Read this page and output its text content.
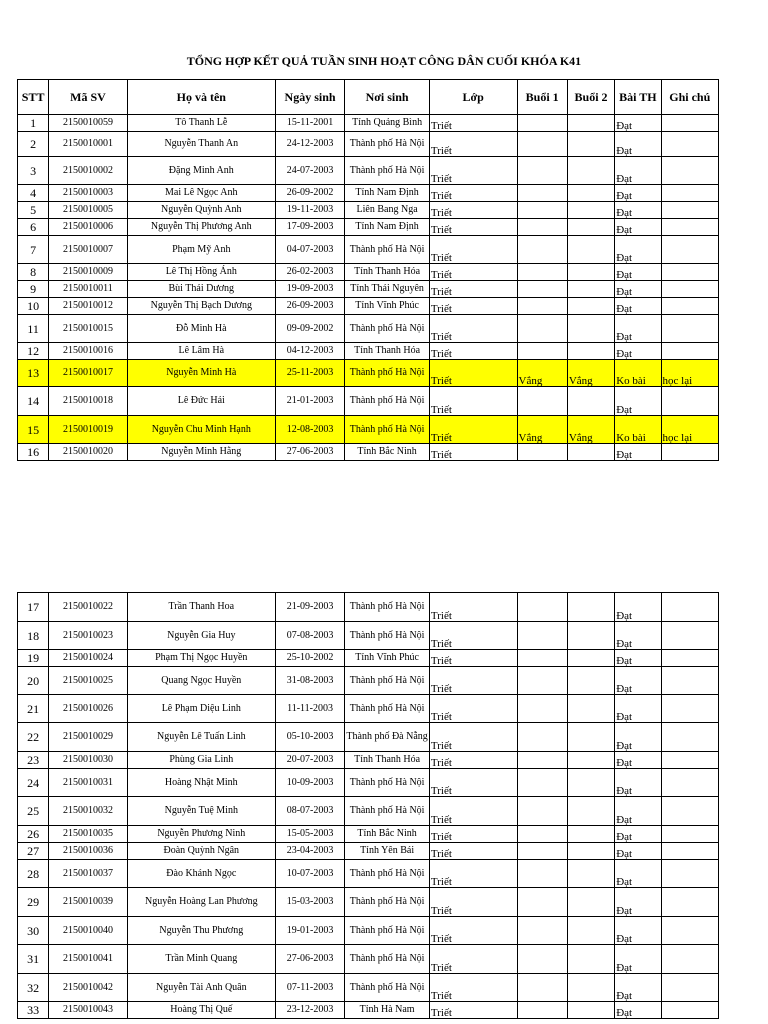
TỔNG HỢP KẾT QUẢ TUẦN SINH HOẠT CÔNG DÂN CUỐI KHÓA K41
STT	Mã SV	Họ và tên	Ngày sinh	Nơi sinh	Lớp	Buổi 1	Buổi 2	Bài TH	Ghi chú
1	2150010059	Tô Thanh Lễ	15-11-2001	Tỉnh Quảng Bình	Triết			Đạt	
2	2150010001	Nguyễn Thanh An	24-12-2003	Thành phố Hà Nội	Triết			Đạt	
3	2150010002	Đặng Minh Anh	24-07-2003	Thành phố Hà Nội	Triết			Đạt	
4	2150010003	Mai Lê Ngọc Anh	26-09-2002	Tỉnh Nam Định	Triết			Đạt	
5	2150010005	Nguyễn Quỳnh Anh	19-11-2003	Liên Bang Nga	Triết			Đạt	
6	2150010006	Nguyễn Thị Phương Anh	17-09-2003	Tỉnh Nam Định	Triết			Đạt	
7	2150010007	Phạm Mỹ Anh	04-07-2003	Thành phố Hà Nội	Triết			Đạt	
8	2150010009	Lê Thị Hồng Ánh	26-02-2003	Tỉnh Thanh Hóa	Triết			Đạt	
9	2150010011	Bùi Thái Dương	19-09-2003	Tỉnh Thái Nguyên	Triết			Đạt	
10	2150010012	Nguyễn Thị Bạch Dương	26-09-2003	Tỉnh Vĩnh Phúc	Triết			Đạt	
11	2150010015	Đỗ Minh Hà	09-09-2002	Thành phố Hà Nội	Triết			Đạt	
12	2150010016	Lê Lâm Hà	04-12-2003	Tỉnh Thanh Hóa	Triết			Đạt	
13	2150010017	Nguyễn Minh Hà	25-11-2003	Thành phố Hà Nội	Triết	Vắng	Vắng	Ko bài	học lại
14	2150010018	Lê Đức Hải	21-01-2003	Thành phố Hà Nội	Triết			Đạt	
15	2150010019	Nguyễn Chu Minh Hạnh	12-08-2003	Thành phố Hà Nội	Triết	Vắng	Vắng	Ko bài	học lại
16	2150010020	Nguyễn Minh Hằng	27-06-2003	Tỉnh Bắc Ninh	Triết			Đạt	
17	2150010022	Trần Thanh Hoa	21-09-2003	Thành phố Hà Nội	Triết			Đạt	
18	2150010023	Nguyễn Gia Huy	07-08-2003	Thành phố Hà Nội	Triết			Đạt	
19	2150010024	Phạm Thị Ngọc Huyền	25-10-2002	Tỉnh Vĩnh Phúc	Triết			Đạt	
20	2150010025	Quang Ngọc Huyền	31-08-2003	Thành phố Hà Nội	Triết			Đạt	
21	2150010026	Lê Phạm Diệu Linh	11-11-2003	Thành phố Hà Nội	Triết			Đạt	
22	2150010029	Nguyễn Lê Tuấn Linh	05-10-2003	Thành phố Đà Nẵng	Triết			Đạt	
23	2150010030	Phùng Gia Linh	20-07-2003	Tỉnh Thanh Hóa	Triết			Đạt	
24	2150010031	Hoàng Nhật Minh	10-09-2003	Thành phố Hà Nội	Triết			Đạt	
25	2150010032	Nguyễn Tuệ Minh	08-07-2003	Thành phố Hà Nội	Triết			Đạt	
26	2150010035	Nguyễn Phương Ninh	15-05-2003	Tỉnh Bắc Ninh	Triết			Đạt	
27	2150010036	Đoàn Quỳnh Ngân	23-04-2003	Tỉnh Yên Bái	Triết			Đạt	
28	2150010037	Đào Khánh Ngọc	10-07-2003	Thành phố Hà Nội	Triết			Đạt	
29	2150010039	Nguyễn Hoàng Lan Phương	15-03-2003	Thành phố Hà Nội	Triết			Đạt	
30	2150010040	Nguyễn Thu Phương	19-01-2003	Thành phố Hà Nội	Triết			Đạt	
31	2150010041	Trần Minh Quang	27-06-2003	Thành phố Hà Nội	Triết			Đạt	
32	2150010042	Nguyễn Tài Anh Quân	07-11-2003	Thành phố Hà Nội	Triết			Đạt	
33	2150010043	Hoàng Thị Quế	23-12-2003	Tỉnh Hà Nam	Triết			Đạt	
